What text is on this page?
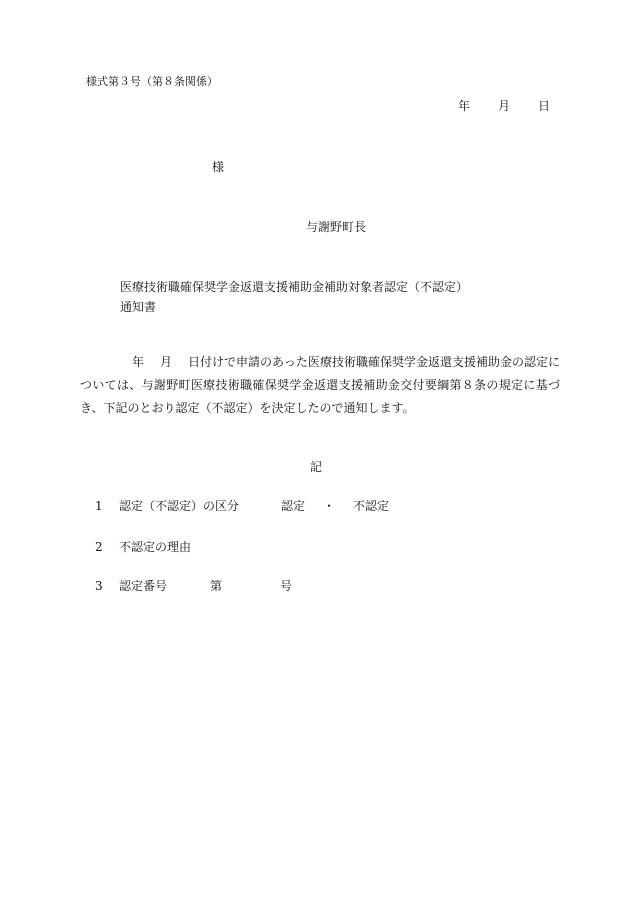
様式第３号（第８条関係）
年 月 日
様
与謝野町長
医療技術職確保奨学金返還支援補助金補助対象者認定（不認定）
通知書
年 月 日付けで申請のあった医療技術職確保奨学金返還支援補助金の認定については、与謝野町医療技術職確保奨学金返還支援補助金交付要綱第８条の規定に基づき、下記のとおり認定（不認定）を決定したので通知します。
記
1 認定（不認定）の区分	認定 ・ 不認定
2 不認定の理由
3 認定番号	第	号
